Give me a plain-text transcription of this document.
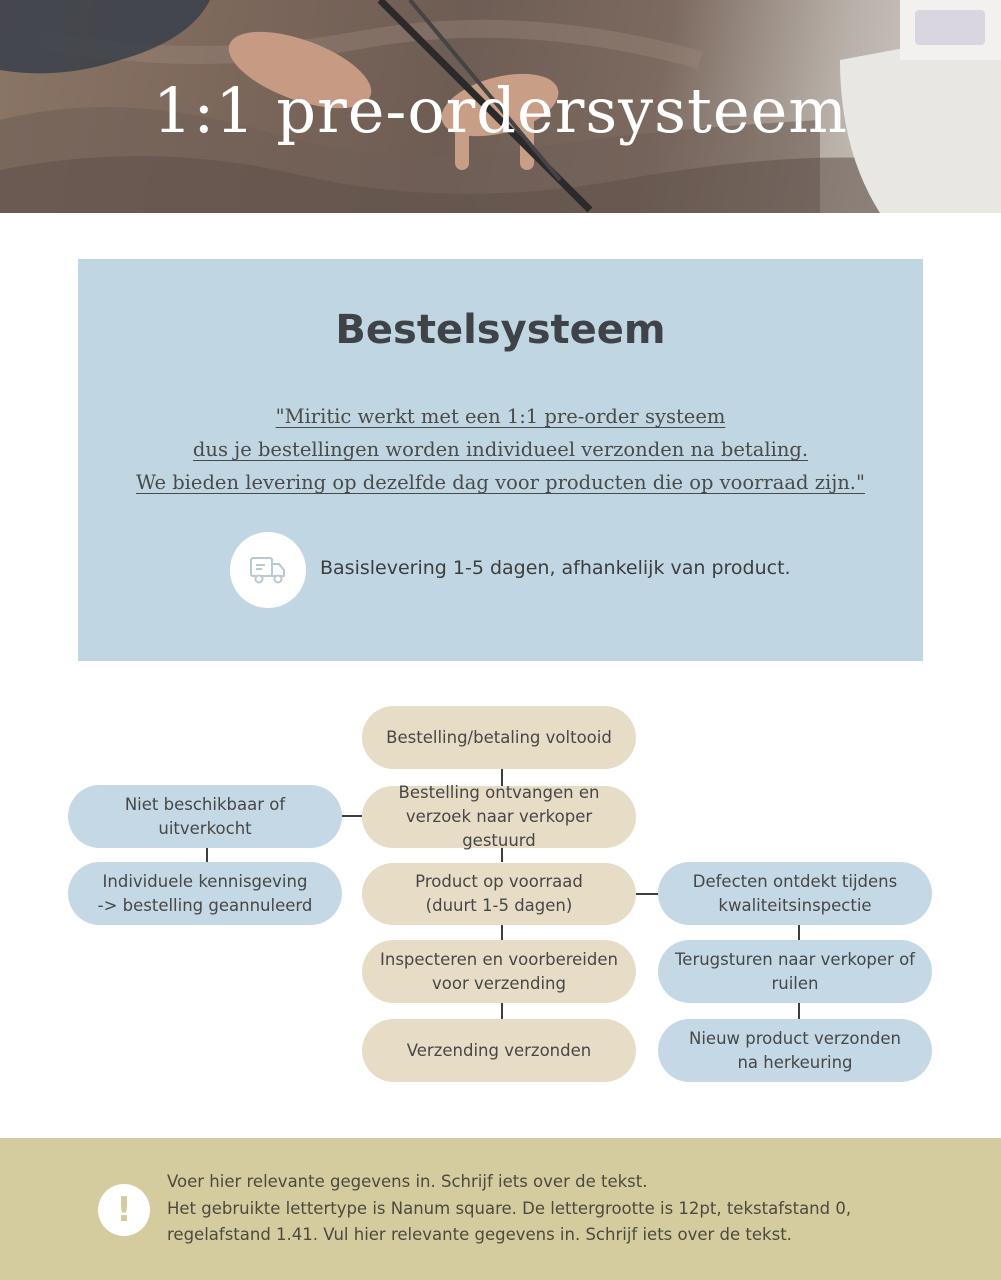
1:1 pre-ordersysteem
Bestelsysteem
"Miritic werkt met een 1:1 pre-order systeem
dus je bestellingen worden individueel verzonden na betaling.
We bieden levering op dezelfde dag voor producten die op voorraad zijn."
Basislevering 1-5 dagen, afhankelijk van product.
Bestelling/betaling voltooid
Bestelling ontvangen en
verzoek naar verkoper gestuurd
Product op voorraad
(duurt 1-5 dagen)
Inspecteren en voorbereiden
voor verzending
Verzending verzonden
Niet beschikbaar of uitverkocht
Individuele kennisgeving
-> bestelling geannuleerd
Defecten ontdekt tijdens
kwaliteitsinspectie
Terugsturen naar verkoper of
ruilen
Nieuw product verzonden
na herkeuring
!
Voer hier relevante gegevens in. Schrijf iets over de tekst.
Het gebruikte lettertype is Nanum square. De lettergrootte is 12pt, tekstafstand 0,
regelafstand 1.41. Vul hier relevante gegevens in. Schrijf iets over de tekst.
